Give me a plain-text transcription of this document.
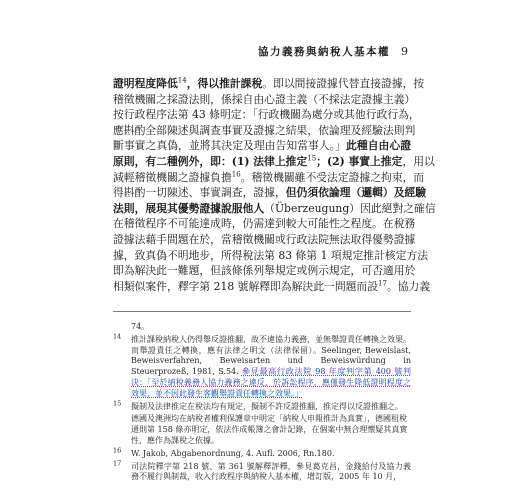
協力義務與納稅人基本權 9
證明程度降低$^{14}$，得以推計課稅。即以間接證據代替直接證據，按
稽徵機關之採證法則，係採自由心證主義（不採法定證據主義）
按行政程序法第 43 條明定：「行政機關為處分或其他行政行為，
應斟酌全部陳述與調查事實及證據之結果，依論理及經驗法則判
斷事實之真偽，並將其決定及理由告知當事人。」此種自由心證
原則，有二種例外，即：(1) 法律上推定$^{15}$；(2) 事實上推定，用以
減輕稽徵機關之證據負擔$^{16}$。稽徵機關雖不受法定證據之拘束，而
得斟酌一切陳述、事實調查，證據，但仍須依論理（邏輯）及經驗
法則，展現其優勢證據說服他人（Überzeugung）因此絕對之確信
在稽徵程序不可能達成時，仍需達到較大可能性之程度。在稅務
證據法藉手間題在於，當稽徵機關或行政法院無法取得優勢證據
據，致真偽不明地步，所得稅法第 83 條第 1 項規定推計核定方法
即為解決此一難題，但該條係列舉規定或例示規定，可否適用於
相類似案件，釋字第 218 號解釋即為解決此一問題而設$^{17}$。協力義
74。
$^{14}$	推計課稅納稅人仍得舉反證推翻，故不違協力義務，並無舉證責任轉換之效果。而舉證責任之轉換，應有法律之明文（法律保留）。Seelinger, Beweislast, Beweisverfahren, Beweisarten und Beweiswürdung in Steuerprozeß, 1981, S.54. 參見最高行政法院 98 年度判字第 400 號判決：「至於納稅義務人協力義務之違反，於訴訟程序，應僅發生降低證明程度之效果，並不因此發生客觀舉證責任轉換之效果。」
$^{15}$	擬制及法律推定在稅法均有規定，擬制不許反證推翻，推定得以反證推翻之。
德國及澳洲均在納稅者權利保護章中明定「納稅人申報推計為真實」，德國租稅通則第 158 條亦明定，依法作成帳簿之會計記錄，在個案中無合理懷疑其真實性，應作為課稅之依據。
$^{16}$	W. Jakob, Abgabenordnung, 4. Aufl. 2006, Rn.180.
$^{17}$	司法院釋字第 218 號、第 361 號解釋評釋，參見葛克昌，金錢給付及協力義務不履行與制裁，收入行政程序與納稅人基本權，增訂版，2005 年 10 月，
